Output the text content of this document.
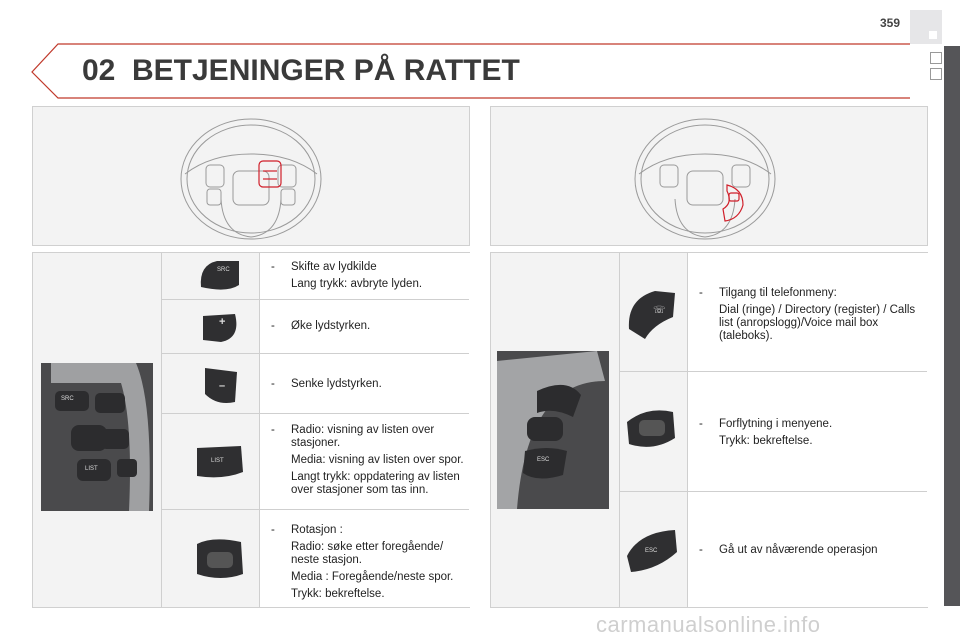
359
02 BETJENINGER PÅ RATTET
SRC
LIST
SRC	- Skifte av lydkilde

Lang trykk: avbryte lyden.

+	- Øke lydstyrken.

–	- Senke lydstyrken.

LIST
- Radio: visning av listen over stasjoner.

Media: visning av listen over spor.

Langt trykk: oppdatering av listen over stasjoner som tas inn.

- Rotasjon :

Radio: søke etter foregående/ neste stasjon.

Media : Foregående/neste spor.

Trykk: bekreftelse.

ESC
☏
- Tilgang til telefonmeny:

Dial (ringe) / Directory (register) / Calls list (anropslogg)/Voice mail box (taleboks).

- Forflytning i menyene.

Trykk: bekreftelse.

ESC	- Gå ut av nåværende operasjon

carmanualsonline.info
